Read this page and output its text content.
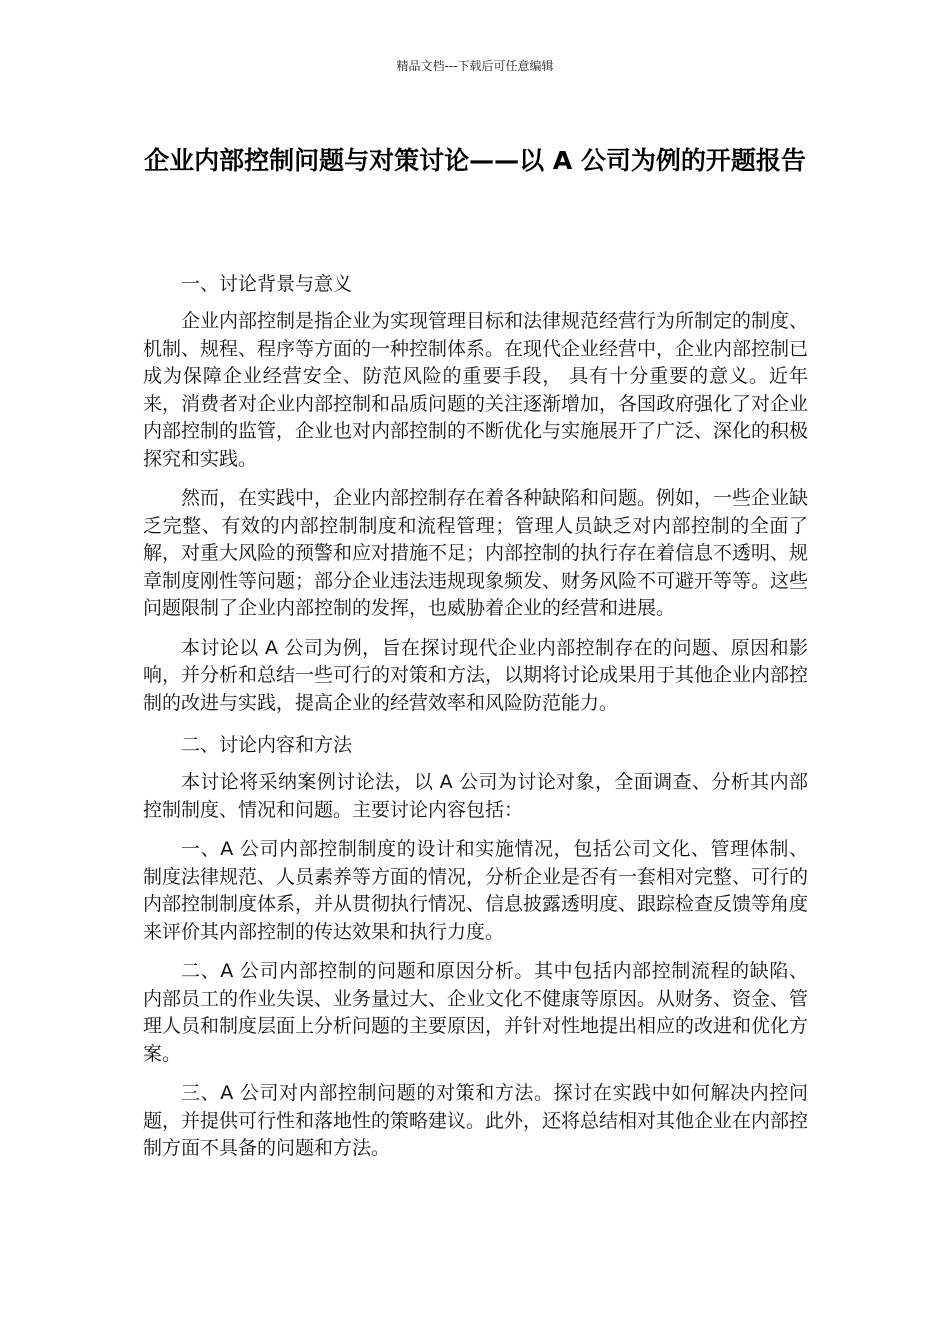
精品文档---下载后可任意编辑
企业内部控制问题与对策讨论——以 A 公司为例的开题报告

一、讨论背景与意义

企业内部控制是指企业为实现管理目标和法律规范经营行为所制定的制度、机制、规程、程序等方面的一种控制体系。在现代企业经营中，企业内部控制已成为保障企业经营安全、防范风险的重要手段， 具有十分重要的意义。近年来，消费者对企业内部控制和品质问题的关注逐渐增加，各国政府强化了对企业内部控制的监管，企业也对内部控制的不断优化与实施展开了广泛、深化的积极探究和实践。

然而，在实践中，企业内部控制存在着各种缺陷和问题。例如，一些企业缺乏完整、有效的内部控制制度和流程管理；管理人员缺乏对内部控制的全面了解，对重大风险的预警和应对措施不足；内部控制的执行存在着信息不透明、规章制度刚性等问题；部分企业违法违规现象频发、财务风险不可避开等等。这些问题限制了企业内部控制的发挥，也威胁着企业的经营和进展。

本讨论以 A 公司为例，旨在探讨现代企业内部控制存在的问题、原因和影响，并分析和总结一些可行的对策和方法，以期将讨论成果用于其他企业内部控制的改进与实践，提高企业的经营效率和风险防范能力。

二、讨论内容和方法

本讨论将采纳案例讨论法，以 A 公司为讨论对象，全面调查、分析其内部控制制度、情况和问题。主要讨论内容包括：

一、A 公司内部控制制度的设计和实施情况，包括公司文化、管理体制、制度法律规范、人员素养等方面的情况，分析企业是否有一套相对完整、可行的内部控制制度体系，并从贯彻执行情况、信息披露透明度、跟踪检查反馈等角度来评价其内部控制的传达效果和执行力度。

二、A 公司内部控制的问题和原因分析。其中包括内部控制流程的缺陷、内部员工的作业失误、业务量过大、企业文化不健康等原因。从财务、资金、管理人员和制度层面上分析问题的主要原因，并针对性地提出相应的改进和优化方案。

三、A 公司对内部控制问题的对策和方法。探讨在实践中如何解决内控问题，并提供可行性和落地性的策略建议。此外，还将总结相对其他企业在内部控制方面不具备的问题和方法。
